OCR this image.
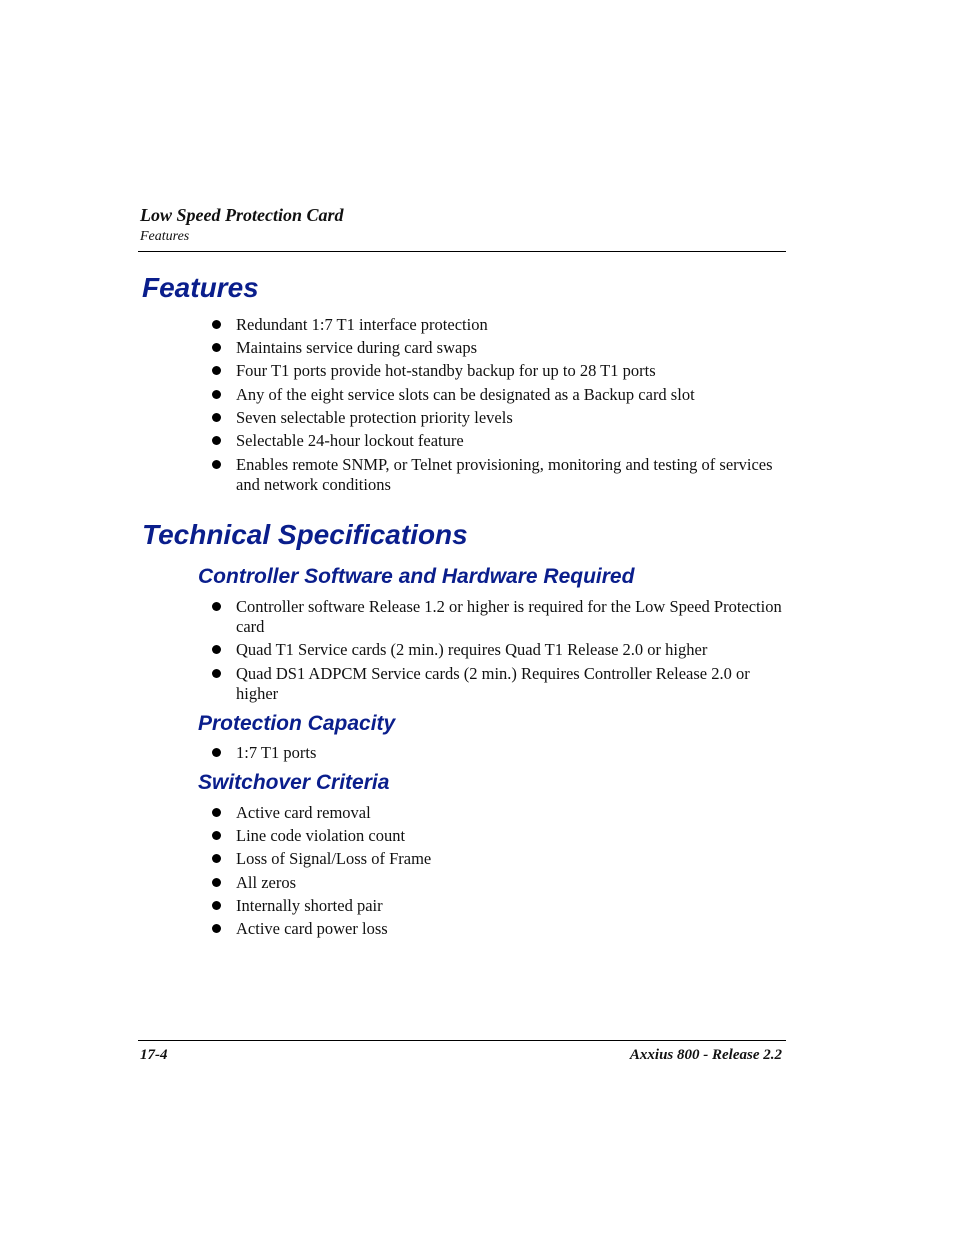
Low Speed Protection Card
Features
Features
Redundant 1:7 T1 interface protection
Maintains service during card swaps
Four T1 ports provide hot-standby backup for up to 28 T1 ports
Any of the eight service slots can be designated as a Backup card slot
Seven selectable protection priority levels
Selectable 24-hour lockout feature
Enables remote SNMP, or Telnet provisioning, monitoring and testing of services and network conditions
Technical Specifications
Controller Software and Hardware Required
Controller software Release 1.2 or higher is required for the Low Speed Protection card
Quad T1 Service cards (2 min.) requires Quad T1 Release 2.0 or higher
Quad DS1 ADPCM Service cards (2 min.) Requires Controller Release 2.0 or higher
Protection Capacity
1:7 T1 ports
Switchover Criteria
Active card removal
Line code violation count
Loss of Signal/Loss of Frame
All zeros
Internally shorted pair
Active card power loss
17-4	Axxius 800 - Release 2.2
